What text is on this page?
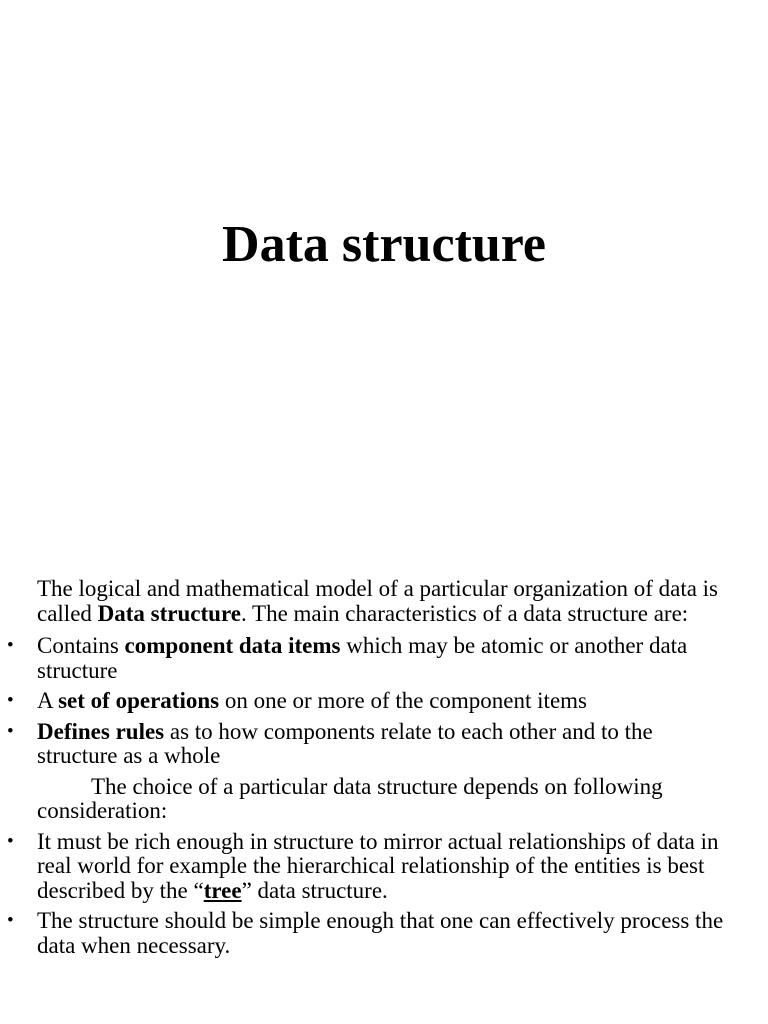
Data structure

The logical and mathematical model of a particular organization of data is called Data structure. The main characteristics of a data structure are:

• Contains component data items which may be atomic or another data structure

• A set of operations on one or more of the component items

• Defines rules as to how components relate to each other and to the structure as a whole

The choice of a particular data structure depends on following consideration:

• It must be rich enough in structure to mirror actual relationships of data in real world for example the hierarchical relationship of the entities is best described by the “tree” data structure.

• The structure should be simple enough that one can effectively process the data when necessary.
